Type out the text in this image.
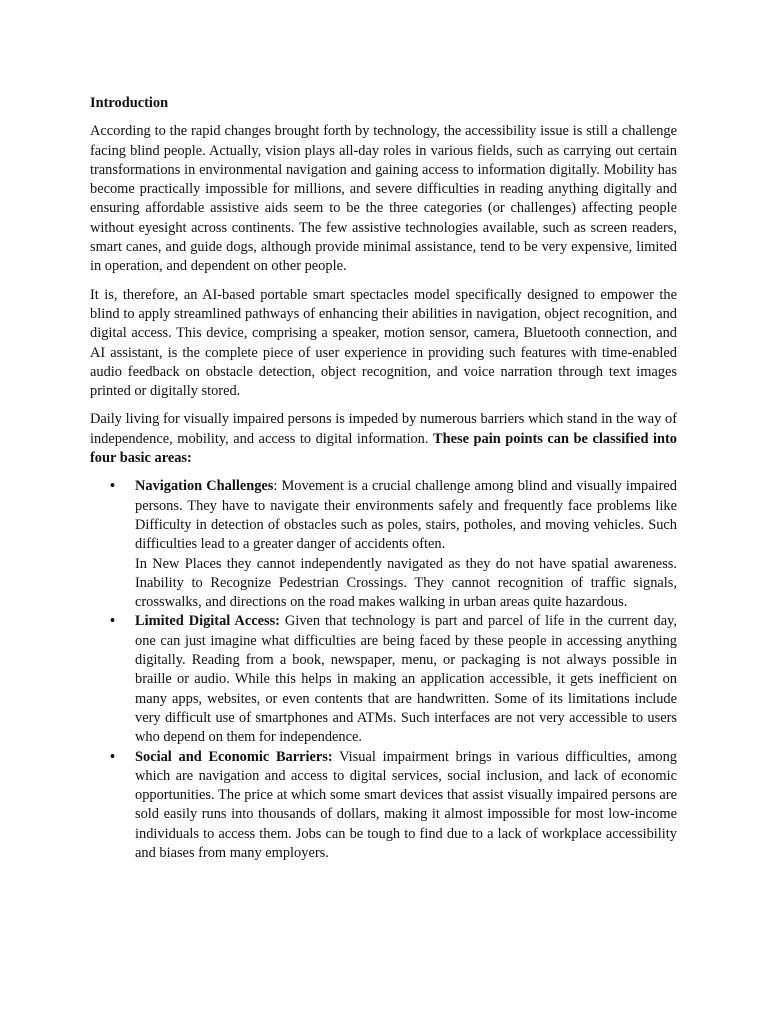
Introduction

According to the rapid changes brought forth by technology, the accessibility issue is still a challenge facing blind people. Actually, vision plays all-day roles in various fields, such as carrying out certain transformations in environmental navigation and gaining access to information digitally. Mobility has become practically impossible for millions, and severe difficulties in reading anything digitally and ensuring affordable assistive aids seem to be the three categories (or challenges) affecting people without eyesight across continents. The few assistive technologies available, such as screen readers, smart canes, and guide dogs, although provide minimal assistance, tend to be very expensive, limited in operation, and dependent on other people.

It is, therefore, an AI-based portable smart spectacles model specifically designed to empower the blind to apply streamlined pathways of enhancing their abilities in navigation, object recognition, and digital access. This device, comprising a speaker, motion sensor, camera, Bluetooth connection, and AI assistant, is the complete piece of user experience in providing such features with time-enabled audio feedback on obstacle detection, object recognition, and voice narration through text images printed or digitally stored.

Daily living for visually impaired persons is impeded by numerous barriers which stand in the way of independence, mobility, and access to digital information. These pain points can be classified into four basic areas:

• Navigation Challenges: Movement is a crucial challenge among blind and visually impaired persons. They have to navigate their environments safely and frequently face problems like Difficulty in detection of obstacles such as poles, stairs, potholes, and moving vehicles. Such difficulties lead to a greater danger of accidents often.
In New Places they cannot independently navigated as they do not have spatial awareness. Inability to Recognize Pedestrian Crossings. They cannot recognition of traffic signals, crosswalks, and directions on the road makes walking in urban areas quite hazardous.
• Limited Digital Access: Given that technology is part and parcel of life in the current day, one can just imagine what difficulties are being faced by these people in accessing anything digitally. Reading from a book, newspaper, menu, or packaging is not always possible in braille or audio. While this helps in making an application accessible, it gets inefficient on many apps, websites, or even contents that are handwritten. Some of its limitations include very difficult use of smartphones and ATMs. Such interfaces are not very accessible to users who depend on them for independence.
• Social and Economic Barriers: Visual impairment brings in various difficulties, among which are navigation and access to digital services, social inclusion, and lack of economic opportunities. The price at which some smart devices that assist visually impaired persons are sold easily runs into thousands of dollars, making it almost impossible for most low-income individuals to access them. Jobs can be tough to find due to a lack of workplace accessibility and biases from many employers.
